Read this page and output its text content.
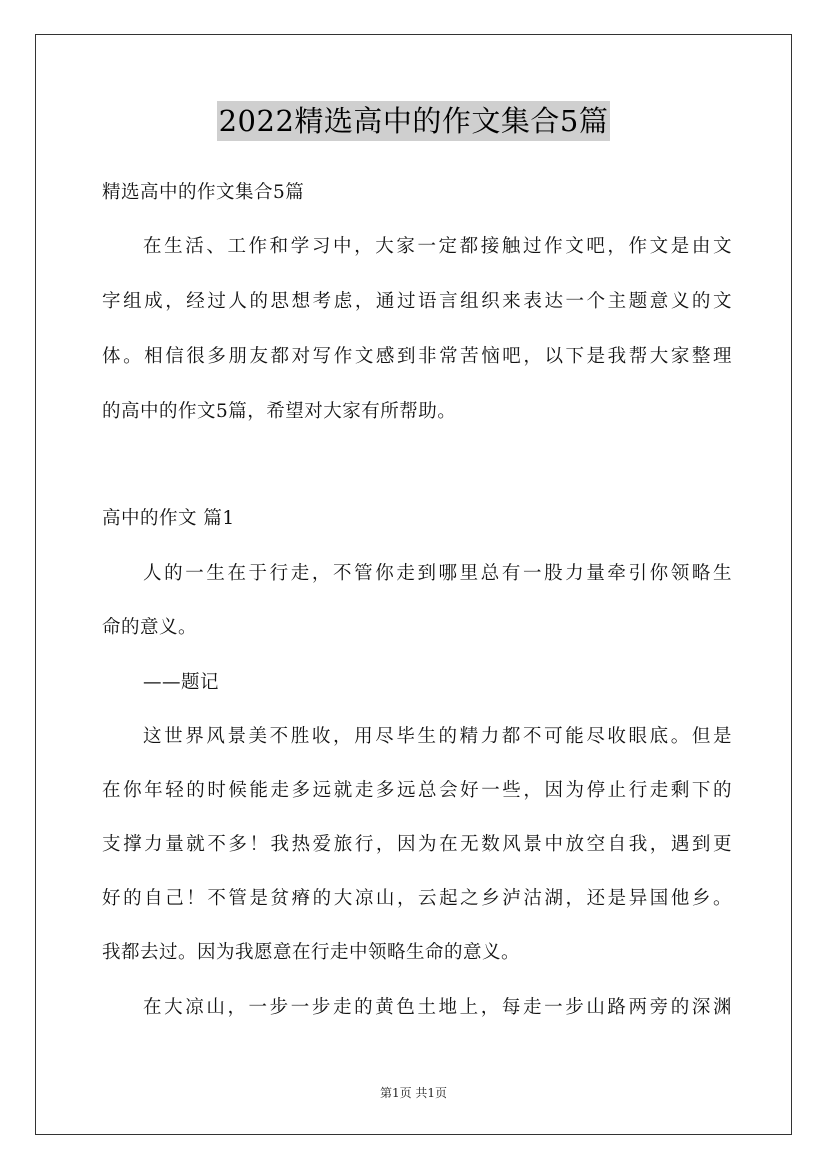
2022精选高中的作文集合5篇
精选高中的作文集合5篇
在生活、工作和学习中，大家一定都接触过作文吧，作文是由文
字组成，经过人的思想考虑，通过语言组织来表达一个主题意义的文
体。相信很多朋友都对写作文感到非常苦恼吧，以下是我帮大家整理
的高中的作文5篇，希望对大家有所帮助。
高中的作文 篇1
人的一生在于行走，不管你走到哪里总有一股力量牵引你领略生
命的意义。
——题记
这世界风景美不胜收，用尽毕生的精力都不可能尽收眼底。但是
在你年轻的时候能走多远就走多远总会好一些，因为停止行走剩下的
支撑力量就不多！我热爱旅行，因为在无数风景中放空自我，遇到更
好的自己！不管是贫瘠的大凉山，云起之乡泸沽湖，还是异国他乡。
我都去过。因为我愿意在行走中领略生命的意义。
在大凉山，一步一步走的黄色土地上，每走一步山路两旁的深渊
第1页 共1页
